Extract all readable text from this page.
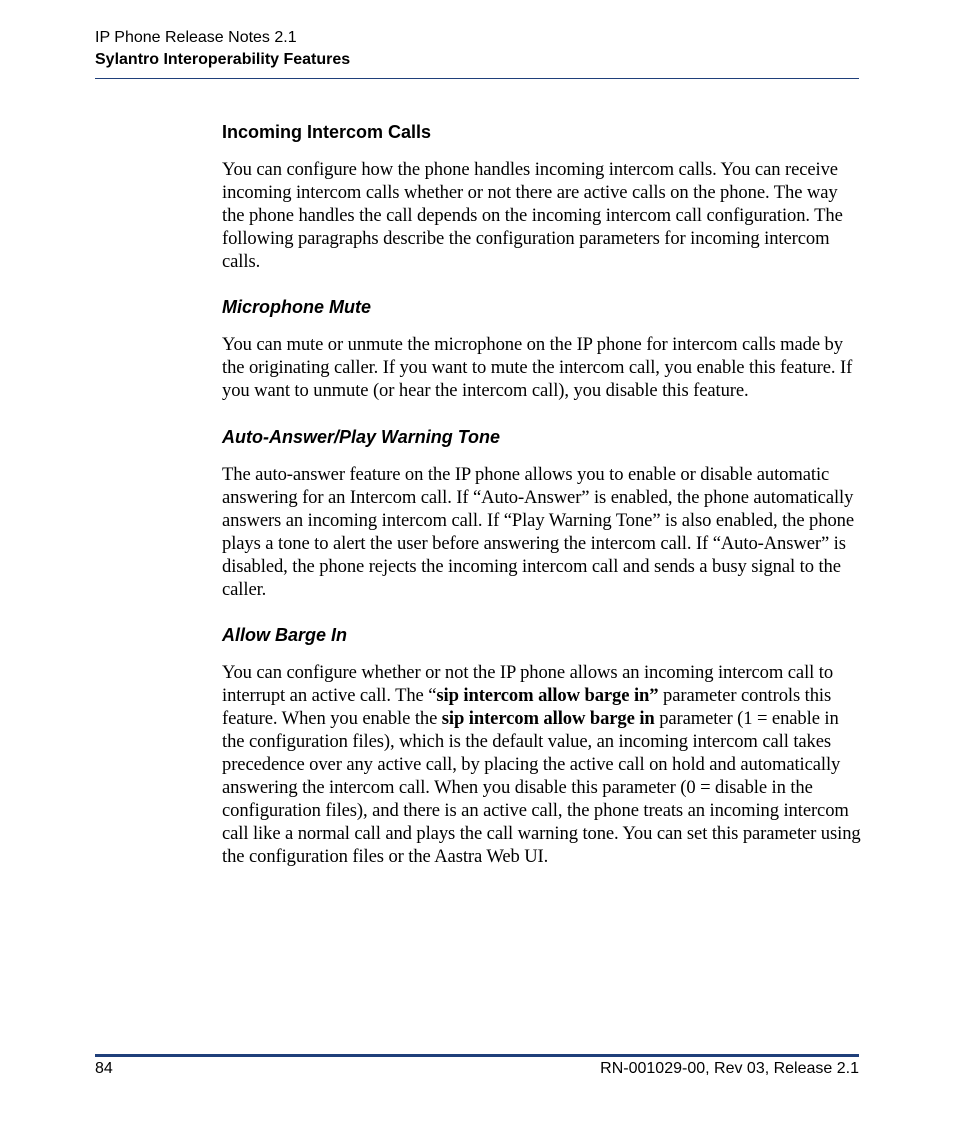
IP Phone Release Notes 2.1
Sylantro Interoperability Features
Incoming Intercom Calls

You can configure how the phone handles incoming intercom calls. You can receive incoming intercom calls whether or not there are active calls on the phone. The way the phone handles the call depends on the incoming intercom call configuration. The following paragraphs describe the configuration parameters for incoming intercom calls.

Microphone Mute

You can mute or unmute the microphone on the IP phone for intercom calls made by the originating caller. If you want to mute the intercom call, you enable this feature. If you want to unmute (or hear the intercom call), you disable this feature.

Auto-Answer/Play Warning Tone

The auto-answer feature on the IP phone allows you to enable or disable automatic answering for an Intercom call. If “Auto-Answer” is enabled, the phone automatically answers an incoming intercom call. If “Play Warning Tone” is also enabled, the phone plays a tone to alert the user before answering the intercom call. If “Auto-Answer” is disabled, the phone rejects the incoming intercom call and sends a busy signal to the caller.

Allow Barge In

You can configure whether or not the IP phone allows an incoming intercom call to interrupt an active call. The “sip intercom allow barge in” parameter controls this feature. When you enable the sip intercom allow barge in parameter (1 = enable in the configuration files), which is the default value, an incoming intercom call takes precedence over any active call, by placing the active call on hold and automatically answering the intercom call. When you disable this parameter (0 = disable in the configuration files), and there is an active call, the phone treats an incoming intercom call like a normal call and plays the call warning tone. You can set this parameter using the configuration files or the Aastra Web UI.

84	RN-001029-00, Rev 03, Release 2.1
